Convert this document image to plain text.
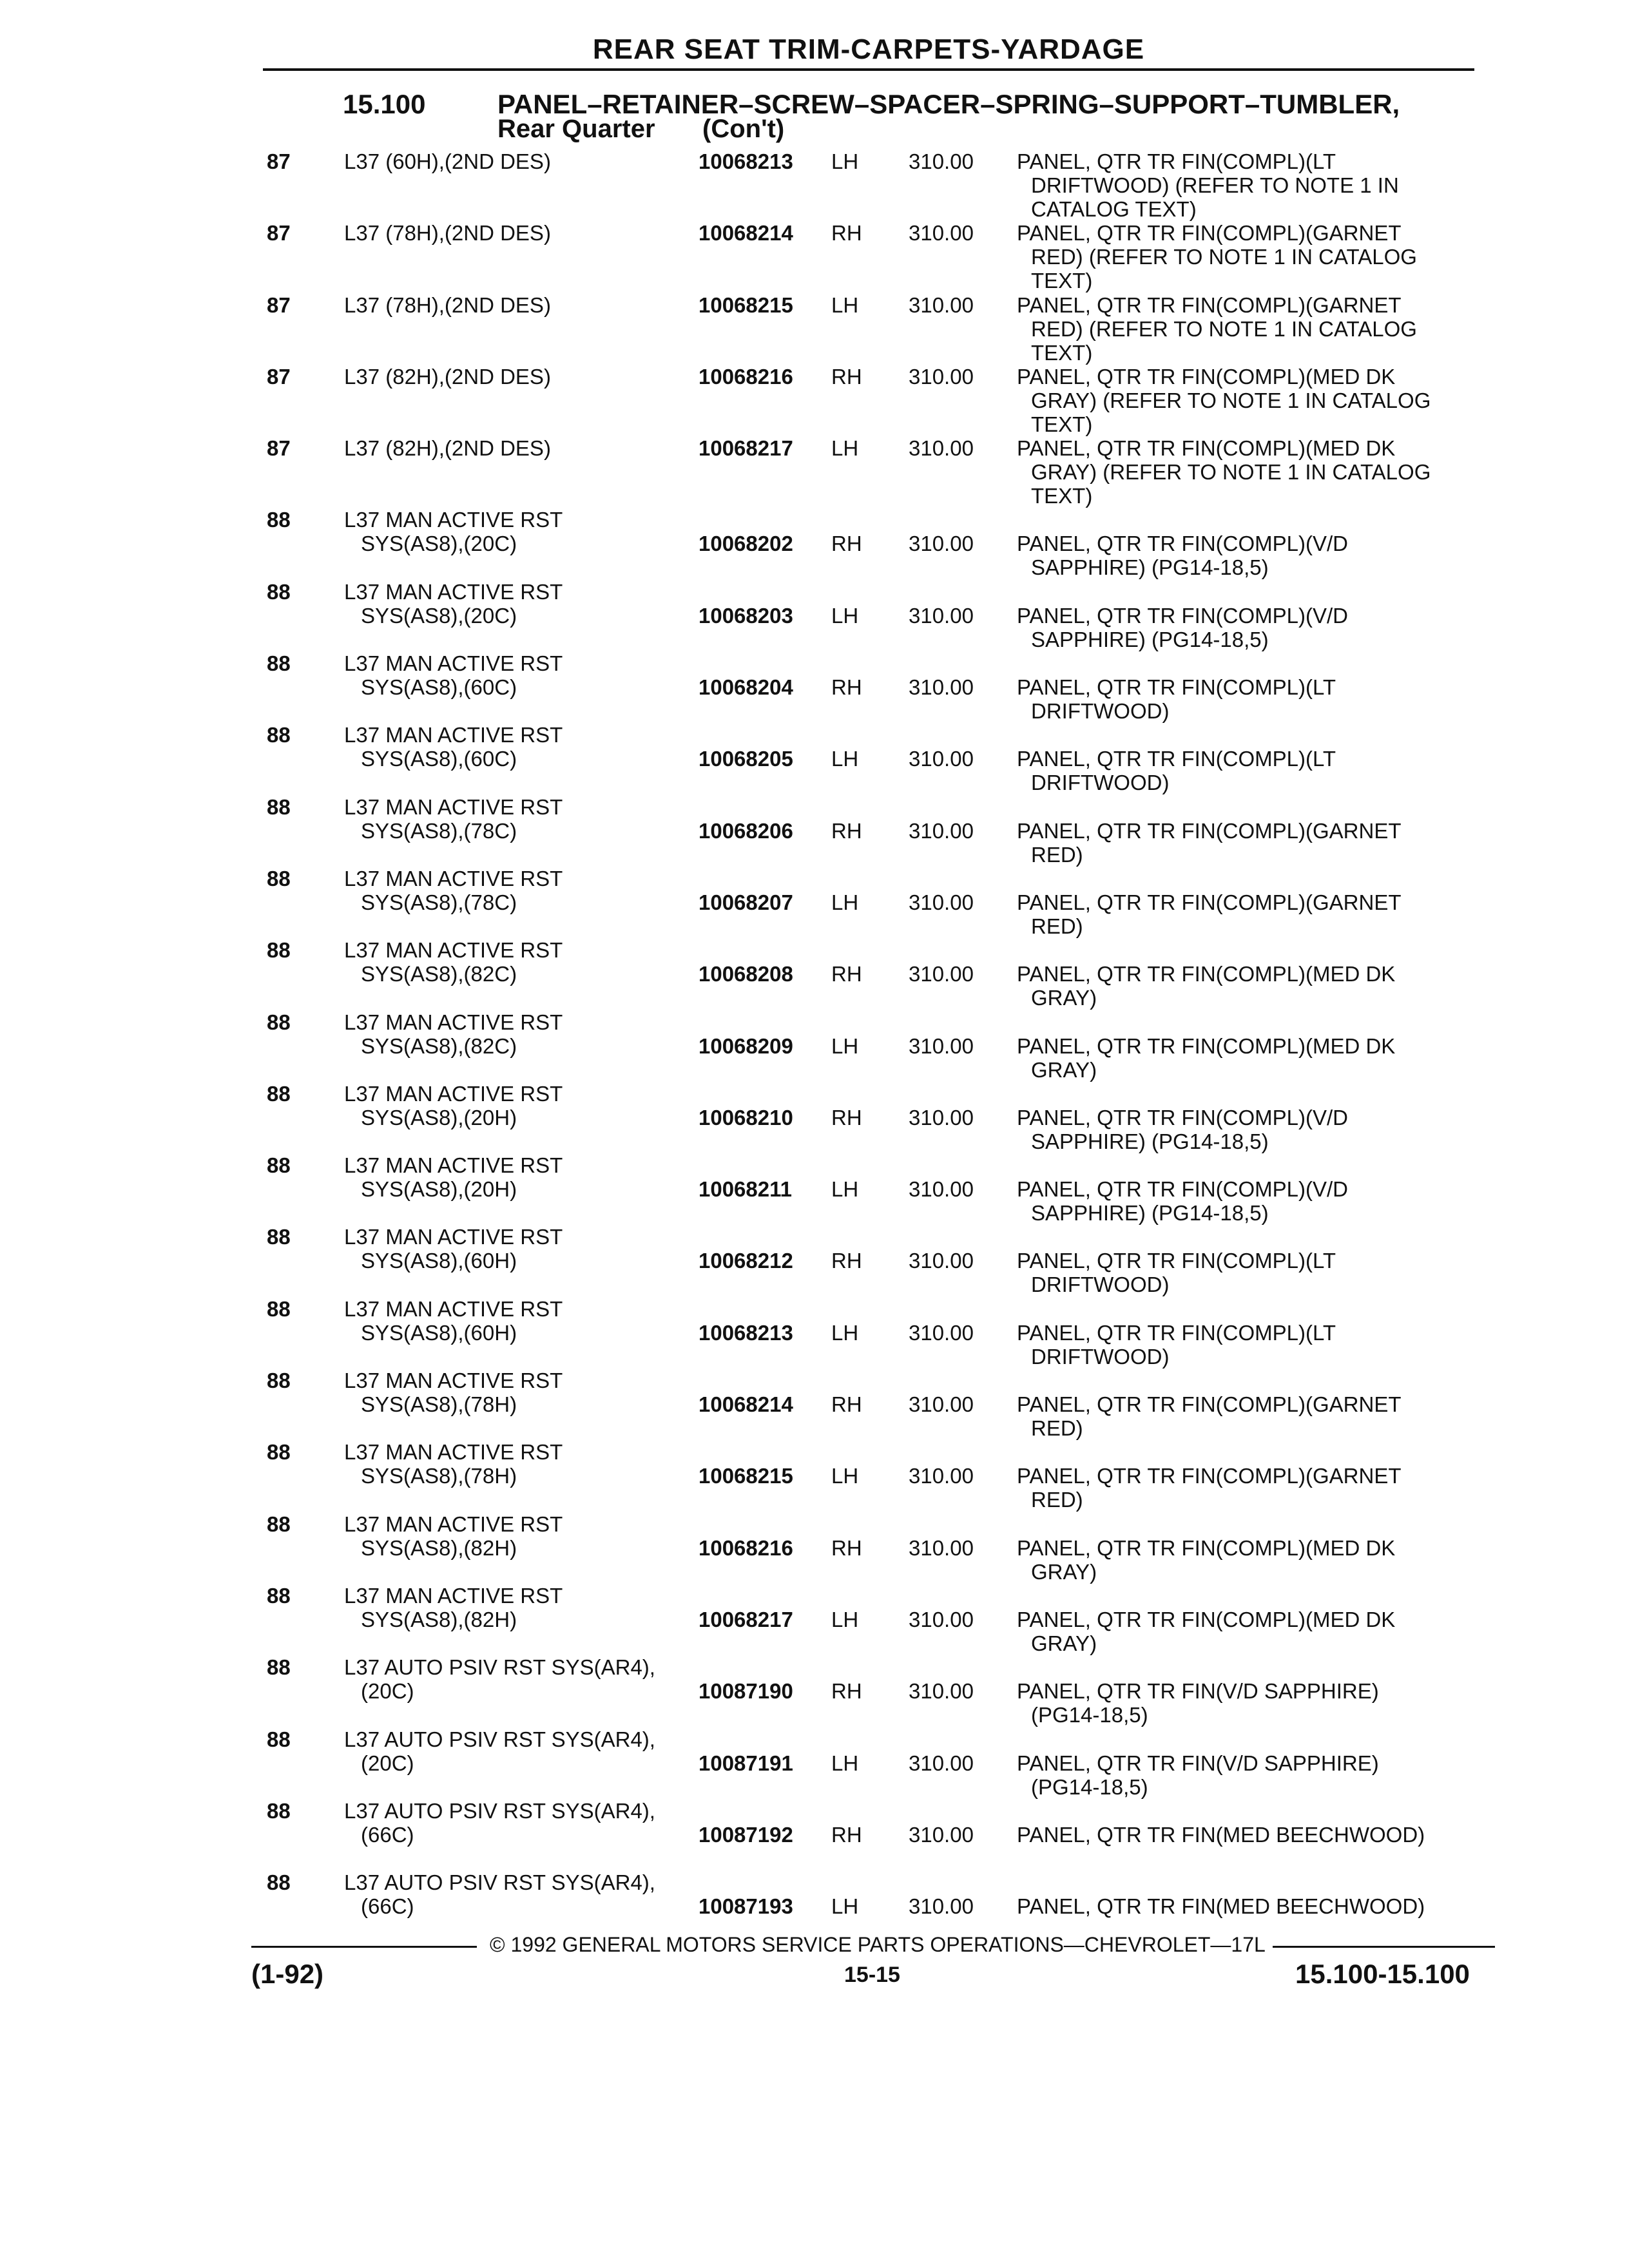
REAR SEAT TRIM-CARPETS-YARDAGE
15.100	PANEL–RETAINER–SCREW–SPACER–SPRING–SUPPORT–TUMBLER,
Rear Quarter (Con't)
87	L37 (60H),(2ND DES)	10068213 LH 310.00 PANEL, QTR TR FIN(COMPL)(LT
DRIFTWOOD) (REFER TO NOTE 1 IN
CATALOG TEXT)
87	L37 (78H),(2ND DES)	10068214 RH 310.00 PANEL, QTR TR FIN(COMPL)(GARNET
RED) (REFER TO NOTE 1 IN CATALOG
TEXT)
87	L37 (78H),(2ND DES)	10068215 LH 310.00 PANEL, QTR TR FIN(COMPL)(GARNET
RED) (REFER TO NOTE 1 IN CATALOG
TEXT)
87	L37 (82H),(2ND DES)	10068216 RH 310.00 PANEL, QTR TR FIN(COMPL)(MED DK
GRAY) (REFER TO NOTE 1 IN CATALOG
TEXT)
87	L37 (82H),(2ND DES)	10068217 LH 310.00 PANEL, QTR TR FIN(COMPL)(MED DK
GRAY) (REFER TO NOTE 1 IN CATALOG
TEXT)
88	L37 MAN ACTIVE RST
SYS(AS8),(20C)	10068202 RH 310.00 PANEL, QTR TR FIN(COMPL)(V/D
SAPPHIRE) (PG14-18,5)
88	L37 MAN ACTIVE RST
SYS(AS8),(20C)	10068203 LH 310.00 PANEL, QTR TR FIN(COMPL)(V/D
SAPPHIRE) (PG14-18,5)
88	L37 MAN ACTIVE RST
SYS(AS8),(60C)	10068204 RH 310.00 PANEL, QTR TR FIN(COMPL)(LT
DRIFTWOOD)
88	L37 MAN ACTIVE RST
SYS(AS8),(60C)	10068205 LH 310.00 PANEL, QTR TR FIN(COMPL)(LT
DRIFTWOOD)
88	L37 MAN ACTIVE RST
SYS(AS8),(78C)	10068206 RH 310.00 PANEL, QTR TR FIN(COMPL)(GARNET
RED)
88	L37 MAN ACTIVE RST
SYS(AS8),(78C)	10068207 LH 310.00 PANEL, QTR TR FIN(COMPL)(GARNET
RED)
88	L37 MAN ACTIVE RST
SYS(AS8),(82C)	10068208 RH 310.00 PANEL, QTR TR FIN(COMPL)(MED DK
GRAY)
88	L37 MAN ACTIVE RST
SYS(AS8),(82C)	10068209 LH 310.00 PANEL, QTR TR FIN(COMPL)(MED DK
GRAY)
88	L37 MAN ACTIVE RST
SYS(AS8),(20H)	10068210 RH 310.00 PANEL, QTR TR FIN(COMPL)(V/D
SAPPHIRE) (PG14-18,5)
88	L37 MAN ACTIVE RST
SYS(AS8),(20H)	10068211 LH 310.00 PANEL, QTR TR FIN(COMPL)(V/D
SAPPHIRE) (PG14-18,5)
88	L37 MAN ACTIVE RST
SYS(AS8),(60H)	10068212 RH 310.00 PANEL, QTR TR FIN(COMPL)(LT
DRIFTWOOD)
88	L37 MAN ACTIVE RST
SYS(AS8),(60H)	10068213 LH 310.00 PANEL, QTR TR FIN(COMPL)(LT
DRIFTWOOD)
88	L37 MAN ACTIVE RST
SYS(AS8),(78H)	10068214 RH 310.00 PANEL, QTR TR FIN(COMPL)(GARNET
RED)
88	L37 MAN ACTIVE RST
SYS(AS8),(78H)	10068215 LH 310.00 PANEL, QTR TR FIN(COMPL)(GARNET
RED)
88	L37 MAN ACTIVE RST
SYS(AS8),(82H)	10068216 RH 310.00 PANEL, QTR TR FIN(COMPL)(MED DK
GRAY)
88	L37 MAN ACTIVE RST
SYS(AS8),(82H)	10068217 LH 310.00 PANEL, QTR TR FIN(COMPL)(MED DK
GRAY)
88	L37 AUTO PSIV RST SYS(AR4),
(20C)	10087190 RH 310.00 PANEL, QTR TR FIN(V/D SAPPHIRE)
(PG14-18,5)
88	L37 AUTO PSIV RST SYS(AR4),
(20C)	10087191 LH 310.00 PANEL, QTR TR FIN(V/D SAPPHIRE)
(PG14-18,5)
88	L37 AUTO PSIV RST SYS(AR4),
(66C)	10087192 RH 310.00 PANEL, QTR TR FIN(MED BEECHWOOD)
88	L37 AUTO PSIV RST SYS(AR4),
(66C)	10087193 LH 310.00 PANEL, QTR TR FIN(MED BEECHWOOD)
© 1992 GENERAL MOTORS SERVICE PARTS OPERATIONS—CHEVROLET—17L
(1-92)	15-15	15.100-15.100
